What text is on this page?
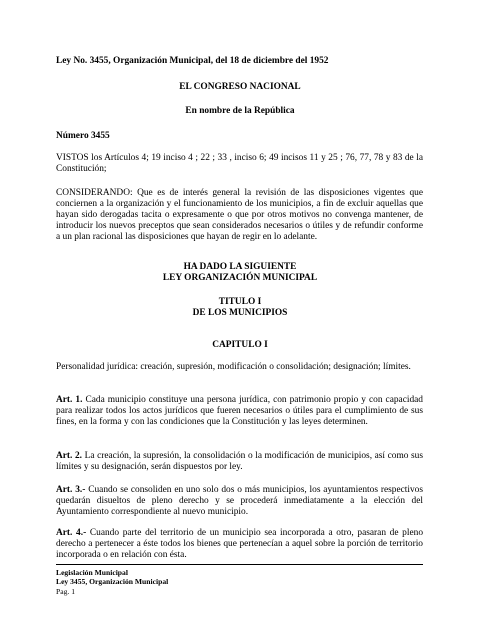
Ley No. 3455, Organización Municipal, del 18 de diciembre del 1952
EL CONGRESO NACIONAL
En nombre de la República
Número 3455
VISTOS los Artículos 4; 19 inciso 4 ; 22 ; 33 , inciso 6; 49 incisos 11 y 25 ; 76, 77, 78 y 83 de la Constitución;
CONSIDERANDO: Que es de interés general la revisión de las disposiciones vigentes que conciernen a la organización y el funcionamiento de los municipios, a fin de excluir aquellas que hayan sido derogadas tacita o expresamente o que por otros motivos no convenga mantener, de introducir los nuevos preceptos que sean considerados necesarios o útiles y de refundir conforme a un plan racional las disposiciones que hayan de regir en lo adelante.
HA DADO LA SIGUIENTE
LEY ORGANIZACIÓN MUNICIPAL
TITULO I
DE LOS MUNICIPIOS
CAPITULO I
Personalidad jurídica: creación, supresión, modificación o consolidación; designación; límites.
Art. 1. Cada municipio constituye una persona jurídica, con patrimonio propio y con capacidad para realizar todos los actos jurídicos que fueren necesarios o útiles para el cumplimiento de sus fines, en la forma y con las condiciones que la Constitución y las leyes determinen.
Art. 2. La creación, la supresión, la consolidación o la modificación de municipios, así como sus límites y su designación, serán dispuestos por ley.
Art. 3.- Cuando se consoliden en uno solo dos o más municipios, los ayuntamientos respectivos quedarán disueltos de pleno derecho y se procederá inmediatamente a la elección del Ayuntamiento correspondiente al nuevo municipio.
Art. 4.- Cuando parte del territorio de un municipio sea incorporada a otro, pasaran de pleno derecho a pertenecer a éste todos los bienes que pertenecían a aquel sobre la porción de territorio incorporada o en relación con ésta.
Legislación Municipal
Ley 3455, Organización Municipal
Pag. 1
